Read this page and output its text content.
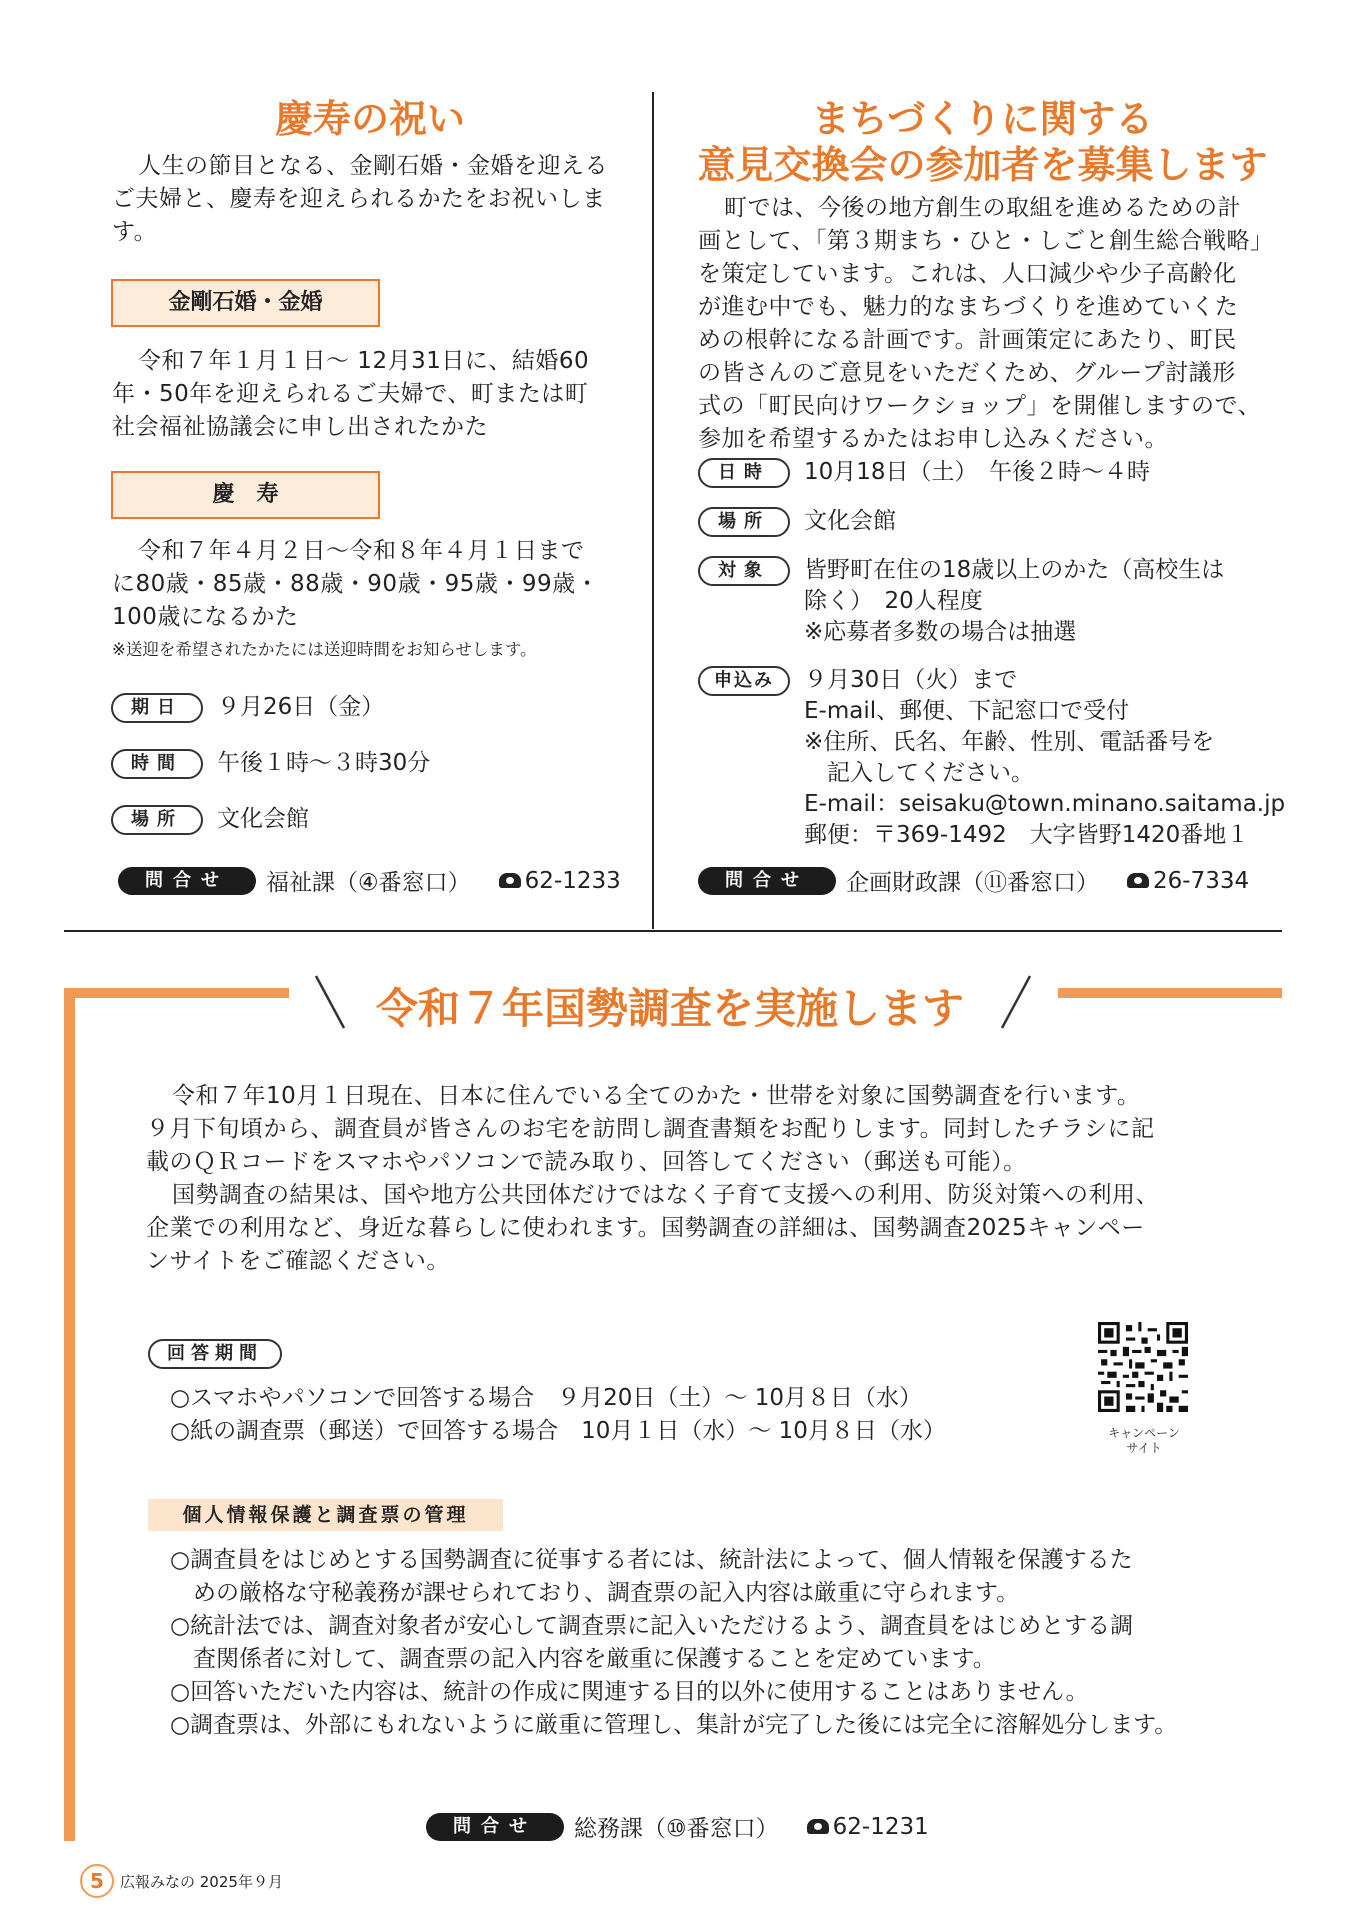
慶寿の祝い

人生の節目となる、金剛石婚・金婚を迎える

ご夫婦と、慶寿を迎えられるかたをお祝いしま

す。

金剛石婚・金婚

令和７年１月１日～ 12月31日に、結婚60

年・50年を迎えられるご夫婦で、町または町

社会福祉協議会に申し出されたかた

慶　寿

令和７年４月２日～令和８年４月１日まで

に80歳・85歳・88歳・90歳・95歳・99歳・

100歳になるかた

※送迎を希望されたかたには送迎時間をお知らせします。

期日	９月26日（金）
時間	午後１時～３時30分
場所	文化会館
問合せ	福祉課（④番窓口） 62-1233
まちづくりに関する
意見交換会の参加者を募集します

町では、今後の地方創生の取組を進めるための計

画として、「第３期まち・ひと・しごと創生総合戦略」

を策定しています。これは、人口減少や少子高齢化

が進む中でも、魅力的なまちづくりを進めていくた

めの根幹になる計画です。計画策定にあたり、町民

の皆さんのご意見をいただくため、グループ討議形

式の「町民向けワークショップ」を開催しますので、

参加を希望するかたはお申し込みください。

日時	10月18日（土）　午後２時～４時
場所	文化会館
対象	皆野町在住の18歳以上のかた（高校生は
除く）　20人程度
※応募者多数の場合は抽選
申込み	９月30日（火）まで
E-mail、郵便、下記窓口で受付
※住所、氏名、年齢、性別、電話番号を
　記入してください。
E-mail：seisaku@town.minano.saitama.jp
郵便：〒369-1492　大字皆野1420番地１
問合せ	企画財政課（⑪番窓口） 26-7334
令和７年国勢調査を実施します

令和７年10月１日現在、日本に住んでいる全てのかた・世帯を対象に国勢調査を行います。

９月下旬頃から、調査員が皆さんのお宅を訪問し調査書類をお配りします。同封したチラシに記

載のＱＲコードをスマホやパソコンで読み取り、回答してください（郵送も可能）。

国勢調査の結果は、国や地方公共団体だけではなく子育て支援への利用、防災対策への利用、

企業での利用など、身近な暮らしに使われます。国勢調査の詳細は、国勢調査2025キャンペー

ンサイトをご確認ください。

回答期間

○スマホやパソコンで回答する場合　９月20日（土）～ 10月８日（水）

○紙の調査票（郵送）で回答する場合　10月１日（水）～ 10月８日（水）	キャンペーン
サイト
個人情報保護と調査票の管理

○調査員をはじめとする国勢調査に従事する者には、統計法によって、個人情報を保護するた

　めの厳格な守秘義務が課せられており、調査票の記入内容は厳重に守られます。

○統計法では、調査対象者が安心して調査票に記入いただけるよう、調査員をはじめとする調

　査関係者に対して、調査票の記入内容を厳重に保護することを定めています。

○回答いただいた内容は、統計の作成に関連する目的以外に使用することはありません。

○調査票は、外部にもれないように厳重に管理し、集計が完了した後には完全に溶解処分します。

問合せ	総務課（⑩番窓口） 62-1231
5	広報みなの 2025年９月
